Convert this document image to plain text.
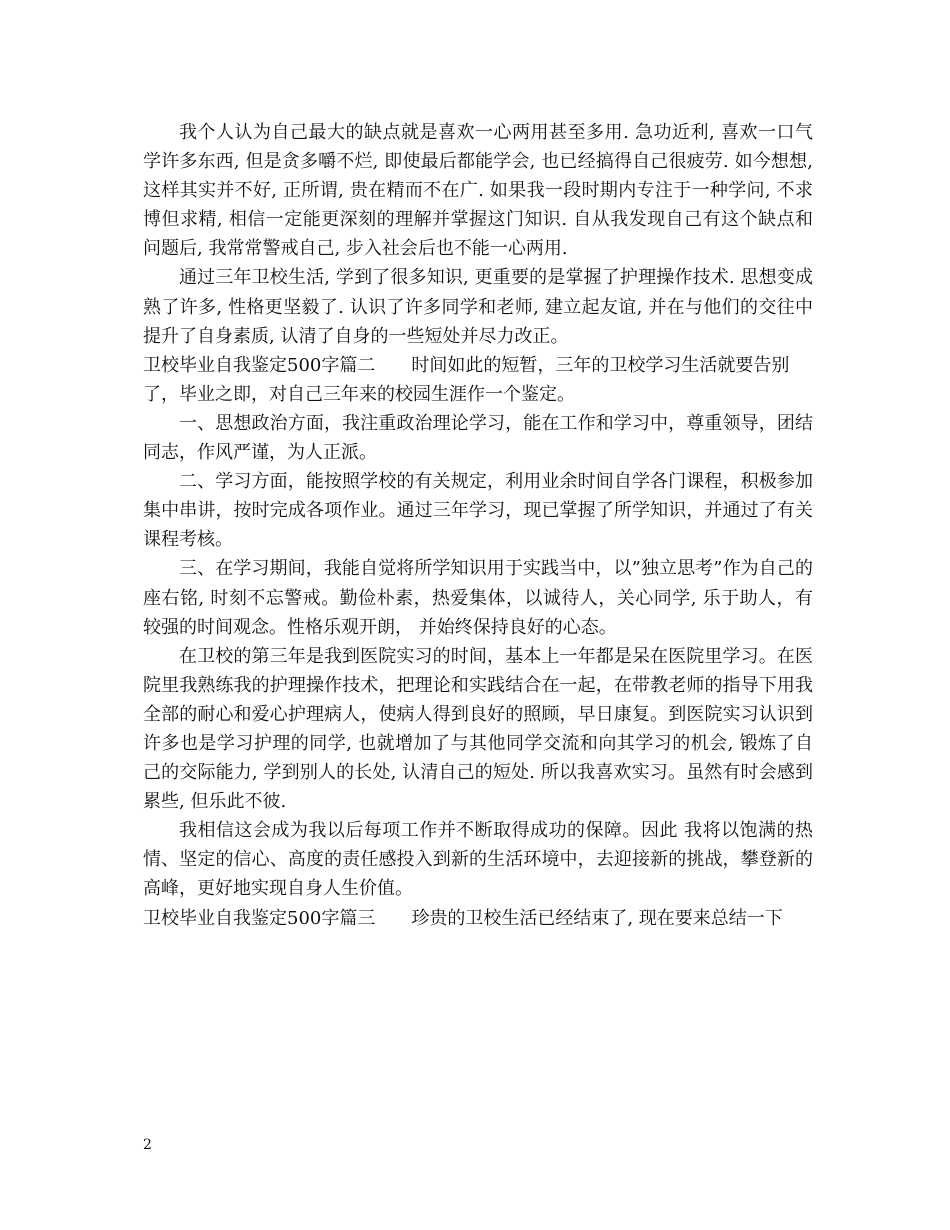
我个人认为自己最大的缺点就是喜欢一心两用甚至多用. 急功近利, 喜欢一口气学许多东西, 但是贪多嚼不烂, 即使最后都能学会, 也已经搞得自己很疲劳. 如今想想, 这样其实并不好, 正所谓, 贵在精而不在广. 如果我一段时期内专注于一种学问, 不求博但求精, 相信一定能更深刻的理解并掌握这门知识. 自从我发现自己有这个缺点和问题后, 我常常警戒自己, 步入社会后也不能一心两用.

通过三年卫校生活, 学到了很多知识, 更重要的是掌握了护理操作技术. 思想变成熟了许多, 性格更坚毅了. 认识了许多同学和老师, 建立起友谊, 并在与他们的交往中提升了自身素质, 认清了自身的一些短处并尽力改正。

卫校毕业自我鉴定500字篇二 时间如此的短暂，三年的卫校学习生活就要告别了，毕业之即，对自己三年来的校园生涯作一个鉴定。

一、思想政治方面，我注重政治理论学习，能在工作和学习中，尊重领导，团结同志，作风严谨，为人正派。

二、学习方面，能按照学校的有关规定，利用业余时间自学各门课程，积极参加集中串讲，按时完成各项作业。通过三年学习，现已掌握了所学知识，并通过了有关课程考核。

三、在学习期间，我能自觉将所学知识用于实践当中，以”独立思考”作为自己的座右铭, 时刻不忘警戒。勤俭朴素，热爱集体，以诚待人，关心同学, 乐于助人，有较强的时间观念。性格乐观开朗， 并始终保持良好的心态。

在卫校的第三年是我到医院实习的时间，基本上一年都是呆在医院里学习。在医院里我熟练我的护理操作技术，把理论和实践结合在一起，在带教老师的指导下用我全部的耐心和爱心护理病人，使病人得到良好的照顾，早日康复。到医院实习认识到许多也是学习护理的同学, 也就增加了与其他同学交流和向其学习的机会, 锻炼了自己的交际能力, 学到别人的长处, 认清自己的短处. 所以我喜欢实习。虽然有时会感到累些, 但乐此不彼.

我相信这会成为我以后每项工作并不断取得成功的保障。因此 我将以饱满的热情、坚定的信心、高度的责任感投入到新的生活环境中，去迎接新的挑战，攀登新的高峰，更好地实现自身人生价值。

卫校毕业自我鉴定500字篇三 珍贵的卫校生活已经结束了, 现在要来总结一下

2
